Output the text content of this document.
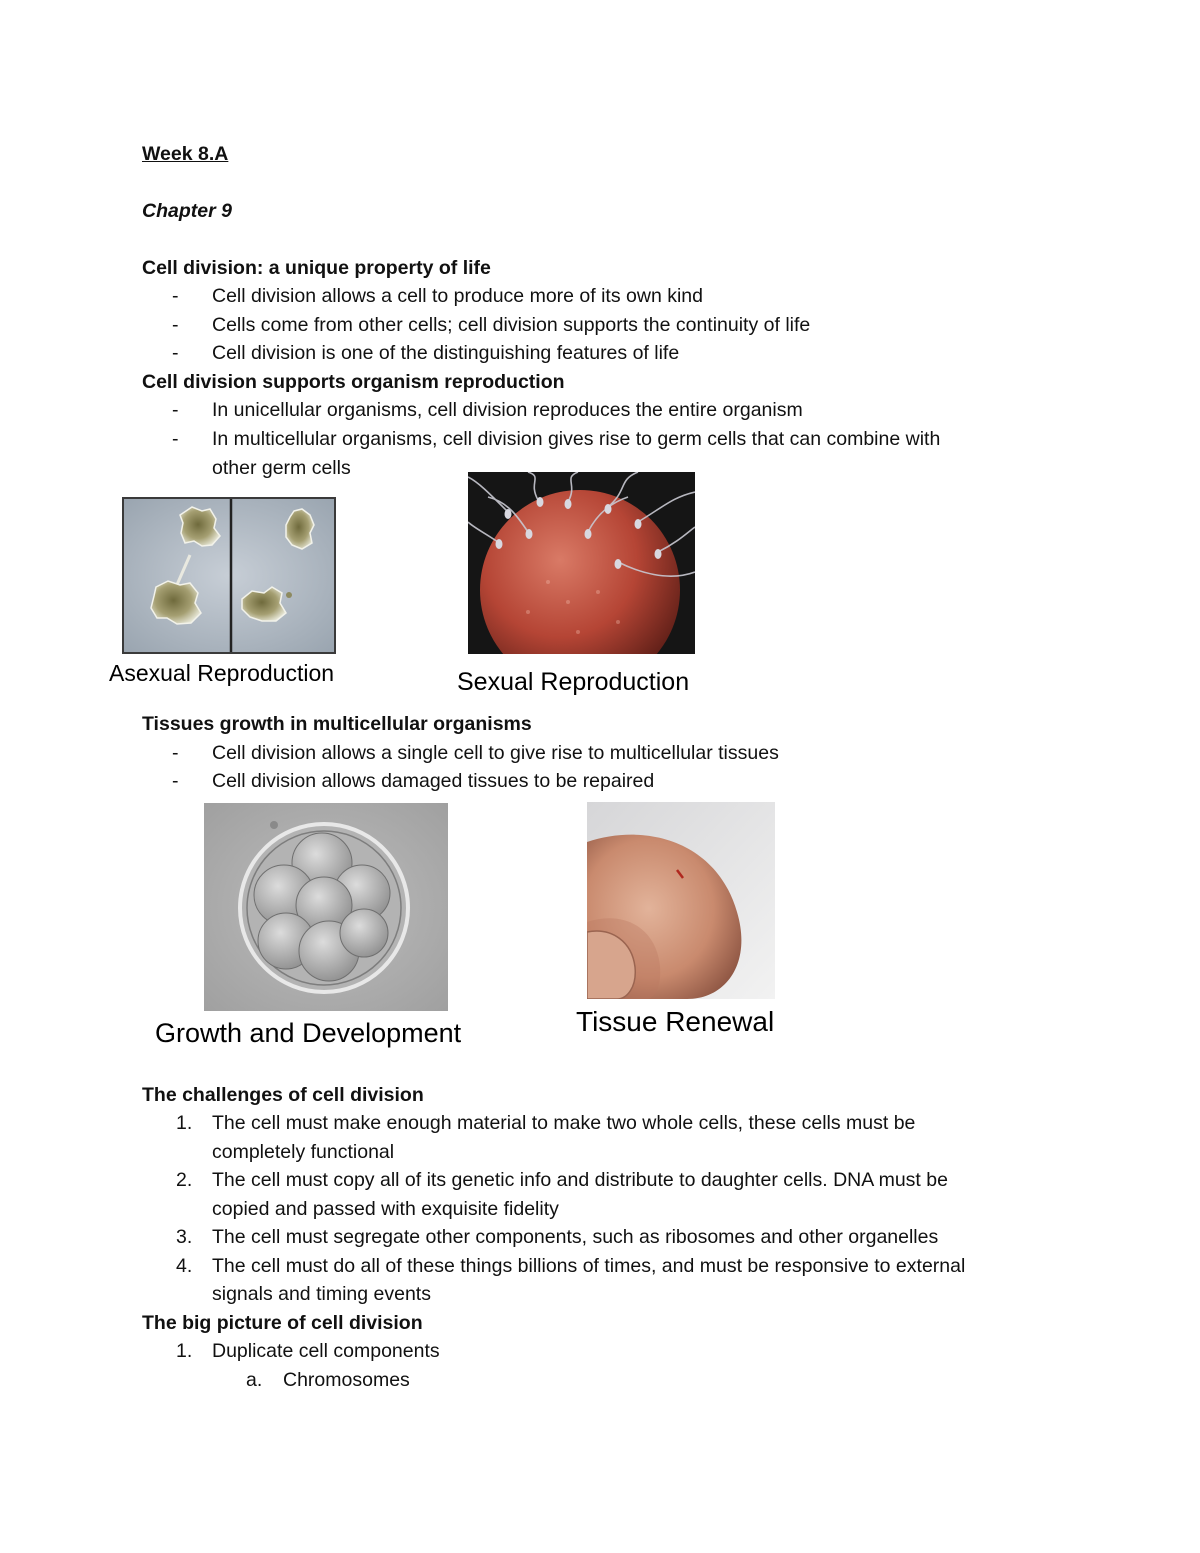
Week 8.A
Chapter 9
Cell division: a unique property of life
- Cell division allows a cell to produce more of its own kind
- Cells come from other cells; cell division supports the continuity of life
- Cell division is one of the distinguishing features of life
Cell division supports organism reproduction
- In unicellular organisms, cell division reproduces the entire organism
- In multicellular organisms, cell division gives rise to germ cells that can combine with
other germ cells
Asexual Reproduction	Sexual Reproduction
Tissues growth in multicellular organisms
- Cell division allows a single cell to give rise to multicellular tissues
- Cell division allows damaged tissues to be repaired
Growth and Development	Tissue Renewal
The challenges of cell division
1. The cell must make enough material to make two whole cells, these cells must be
completely functional
2. The cell must copy all of its genetic info and distribute to daughter cells. DNA must be
copied and passed with exquisite fidelity
3. The cell must segregate other components, such as ribosomes and other organelles
4. The cell must do all of these things billions of times, and must be responsive to external
signals and timing events
The big picture of cell division
1. Duplicate cell components
a. Chromosomes
